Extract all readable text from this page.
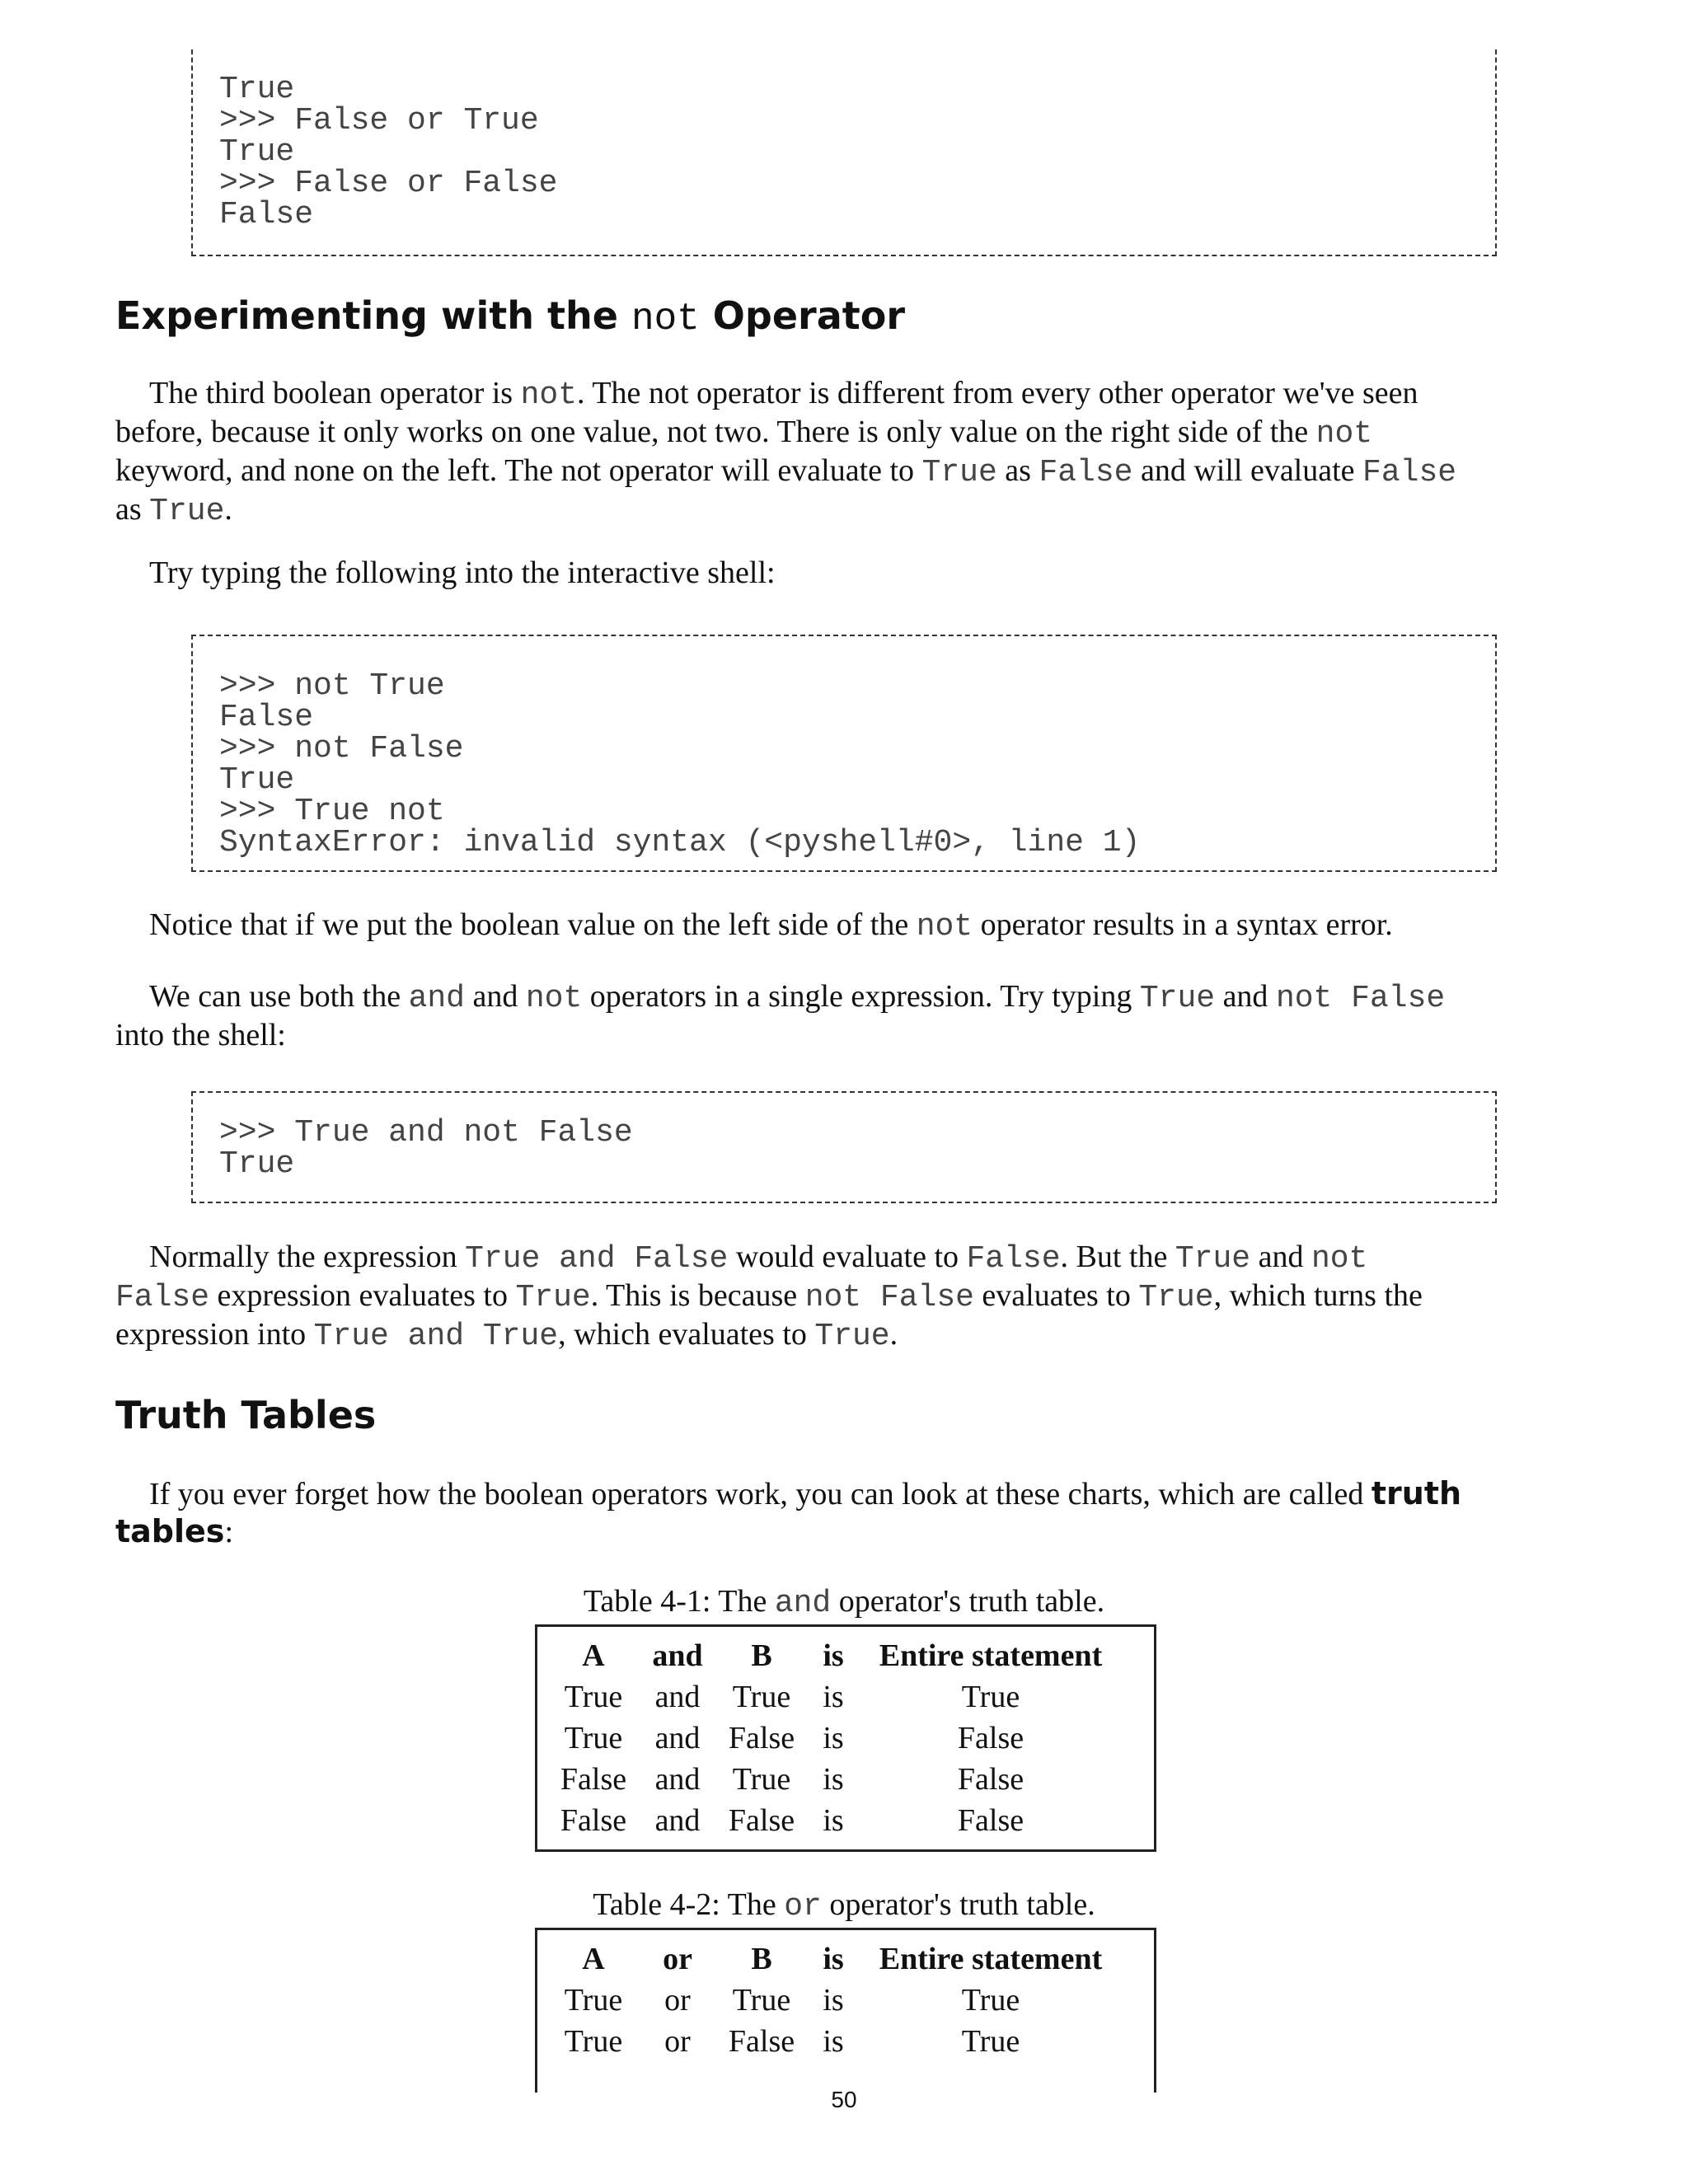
True
>>> False or True
True
>>> False or False
False
Experimenting with the not Operator
The third boolean operator is not. The not operator is different from every other operator we've seen
before, because it only works on one value, not two. There is only value on the right side of the not
keyword, and none on the left. The not operator will evaluate to True as False and will evaluate False
as True.
Try typing the following into the interactive shell:
>>> not True
False
>>> not False
True
>>> True not
SyntaxError: invalid syntax (<pyshell#0>, line 1)
Notice that if we put the boolean value on the left side of the not operator results in a syntax error.
We can use both the and and not operators in a single expression. Try typing True and not False
into the shell:
>>> True and not False
True
Normally the expression True and False would evaluate to False. But the True and not
False expression evaluates to True. This is because not False evaluates to True, which turns the
expression into True and True, which evaluates to True.
Truth Tables
If you ever forget how the boolean operators work, you can look at these charts, which are called truth
tables:

Table 4-1: The and operator's truth table.

A	and	B	is	Entire statement
True	and	True	is	True
True	and	False	is	False
False	and	True	is	False
False	and	False	is	False

Table 4-2: The or operator's truth table.

A	or	B	is	Entire statement
True	or	True	is	True
True	or	False	is	True
50
